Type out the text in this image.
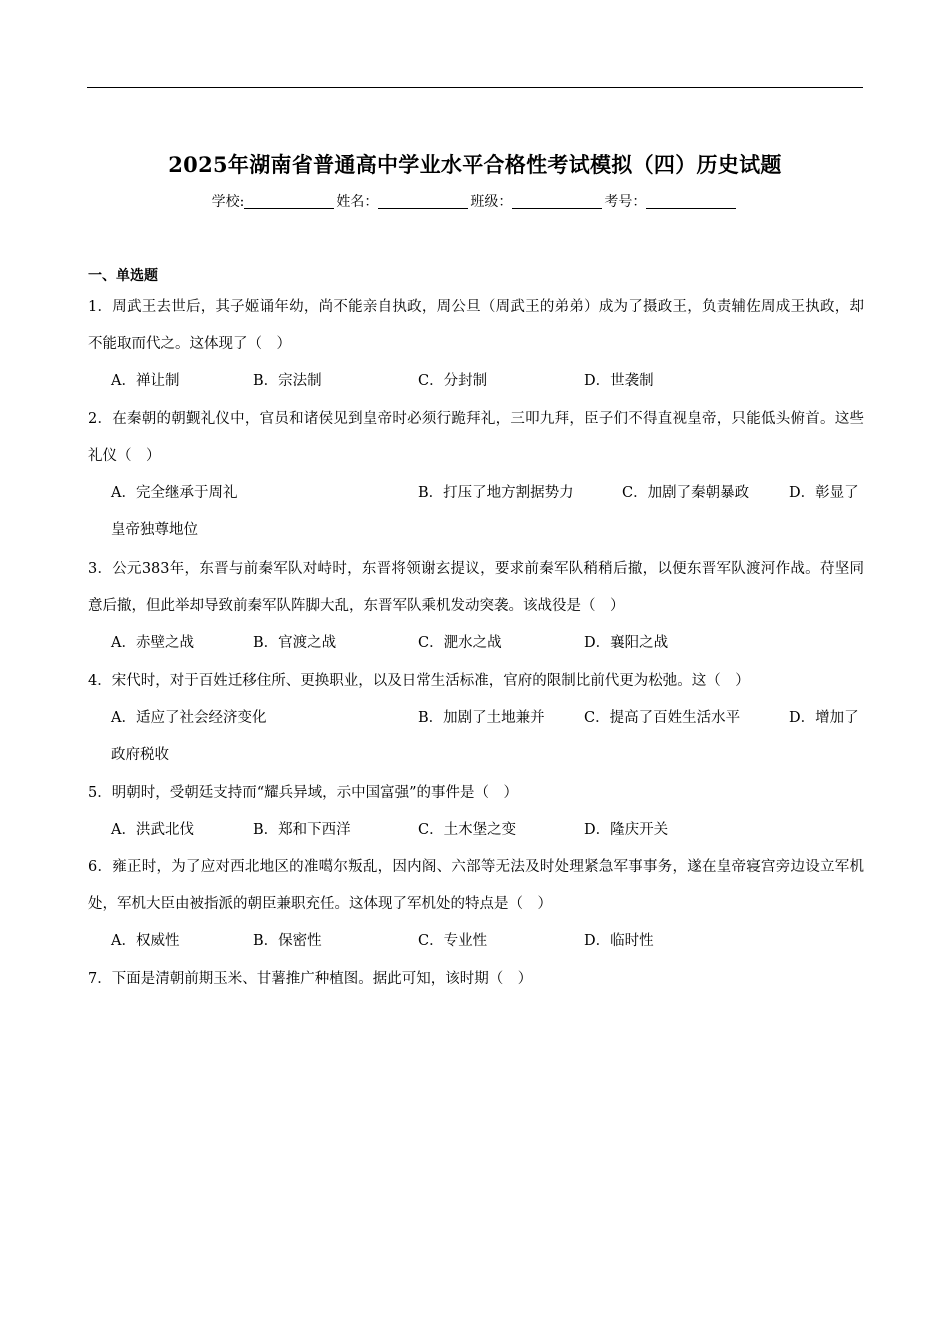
2025年湖南省普通高中学业水平合格性考试模拟（四）历史试题
学校:	姓名：	班级：	考号：
一、单选题

1．周武王去世后，其子姬诵年幼，尚不能亲自执政，周公旦（周武王的弟弟）成为了摄政王，负责辅佐周成王执政，却不能取而代之。这体现了（　）

A．禅让制	B．宗法制	C．分封制	D．世袭制

2．在秦朝的朝觐礼仪中，官员和诸侯见到皇帝时必须行跪拜礼，三叩九拜，臣子们不得直视皇帝，只能低头俯首。这些礼仪（　）

A．完全继承于周礼	B．打压了地方割据势力	C．加剧了秦朝暴政	D．彰显了
皇帝独尊地位

3．公元383年，东晋与前秦军队对峙时，东晋将领谢玄提议，要求前秦军队稍稍后撤，以便东晋军队渡河作战。苻坚同意后撤，但此举却导致前秦军队阵脚大乱，东晋军队乘机发动突袭。该战役是（　）

A．赤壁之战	B．官渡之战	C．淝水之战	D．襄阳之战

4．宋代时，对于百姓迁移住所、更换职业，以及日常生活标准，官府的限制比前代更为松弛。这（　）

A．适应了社会经济变化	B．加剧了土地兼并	C．提高了百姓生活水平	D．增加了
政府税收

5．明朝时，受朝廷支持而“耀兵异域，示中国富强”的事件是（　）

A．洪武北伐	B．郑和下西洋	C．土木堡之变	D．隆庆开关

6．雍正时，为了应对西北地区的准噶尔叛乱，因内阁、六部等无法及时处理紧急军事事务，遂在皇帝寝宫旁边设立军机处，军机大臣由被指派的朝臣兼职充任。这体现了军机处的特点是（　）

A．权威性	B．保密性	C．专业性	D．临时性

7．下面是清朝前期玉米、甘薯推广种植图。据此可知，该时期（　）
